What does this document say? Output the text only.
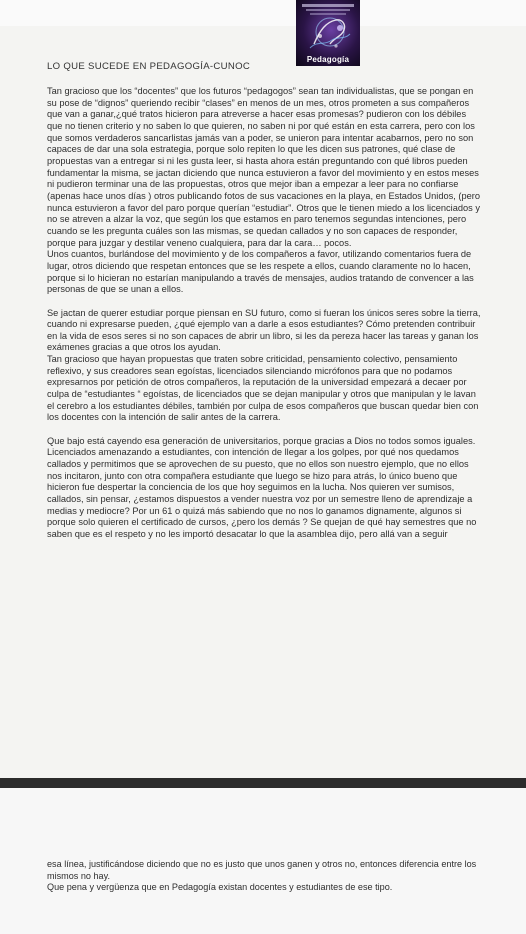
Pedagogía
LO QUE SUCEDE EN PEDAGOGÍA-CUNOC

Tan gracioso que los “docentes” que los futuros “pedagogos” sean tan individualistas, que se pongan en su pose de “dignos” queriendo recibir “clases” en menos de un mes, otros prometen a sus compañeros que van a ganar,¿qué tratos hicieron para atreverse a hacer esas promesas? pudieron con los débiles que no tienen criterio y no saben lo que quieren, no saben ni por qué están en esta carrera, pero con los que somos verdaderos sancarlistas jamás van a poder, se unieron para intentar acabarnos, pero no son capaces de dar una sola estrategia, porque solo repiten lo que les dicen sus patrones, qué clase de propuestas van a entregar si ni les gusta leer, si hasta ahora están preguntando con qué libros pueden fundamentar la misma, se jactan diciendo que nunca estuvieron a favor del movimiento y en estos meses ni pudieron terminar una de las propuestas, otros que mejor iban a empezar a leer para no confiarse (apenas hace unos días ) otros publicando fotos de sus vacaciones en la playa, en Estados Unidos, (pero nunca estuvieron a favor del paro porque querían “estudiar”. Otros que le tienen miedo a los licenciados y no se atreven a alzar la voz, que según los que estamos en paro tenemos segundas intenciones, pero cuando se les pregunta cuáles son las mismas, se quedan callados y no son capaces de responder, porque para juzgar y destilar veneno cualquiera, para dar la cara… pocos.
Unos cuantos, burlándose del movimiento y de los compañeros a favor, utilizando comentarios fuera de lugar, otros diciendo que respetan entonces que se les respete a ellos, cuando claramente no lo hacen, porque si lo hicieran no estarían manipulando a través de mensajes, audios tratando de convencer a las personas de que se unan a ellos.

Se jactan de querer estudiar porque piensan en SU futuro, como si fueran los únicos seres sobre la tierra, cuando ni expresarse pueden, ¿qué ejemplo van a darle a esos estudiantes? Cómo pretenden contribuir en la vida de esos seres si no son capaces de abrir un libro, si les da pereza hacer las tareas y ganan los exámenes gracias a que otros los ayudan.
Tan gracioso que hayan propuestas que traten sobre criticidad, pensamiento colectivo, pensamiento reflexivo, y sus creadores sean egoístas, licenciados silenciando micrófonos para que no podamos expresarnos por petición de otros compañeros, la reputación de la universidad empezará a decaer por culpa de “estudiantes “ egoístas, de licenciados que se dejan manipular y otros que manipulan y le lavan el cerebro a los estudiantes débiles, también por culpa de esos compañeros que buscan quedar bien con los docentes con la intención de salir antes de la carrera.

Que bajo está cayendo esa generación de universitarios, porque gracias a Dios no todos somos iguales.
Licenciados amenazando a estudiantes, con intención de llegar a los golpes, por qué nos quedamos callados y permitimos que se aprovechen de su puesto, que no ellos son nuestro ejemplo, que no ellos nos incitaron, junto con otra compañera estudiante que luego se hizo para atrás, lo único bueno que hicieron fue despertar la conciencia de los que hoy seguimos en la lucha. Nos quieren ver sumisos, callados, sin pensar, ¿estamos dispuestos a vender nuestra voz por un semestre lleno de aprendizaje a medias y mediocre? Por un 61 o quizá más sabiendo que no nos lo ganamos dignamente, algunos si porque solo quieren el certificado de cursos, ¿pero los demás ? Se quejan de qué hay semestres que no saben que es el respeto y no les importó desacatar lo que la asamblea dijo, pero allá van a seguir

esa línea, justificándose diciendo que no es justo que unos ganen y otros no, entonces diferencia entre los mismos no hay.

Que pena y vergüenza que en Pedagogía existan docentes y estudiantes de ese tipo.
